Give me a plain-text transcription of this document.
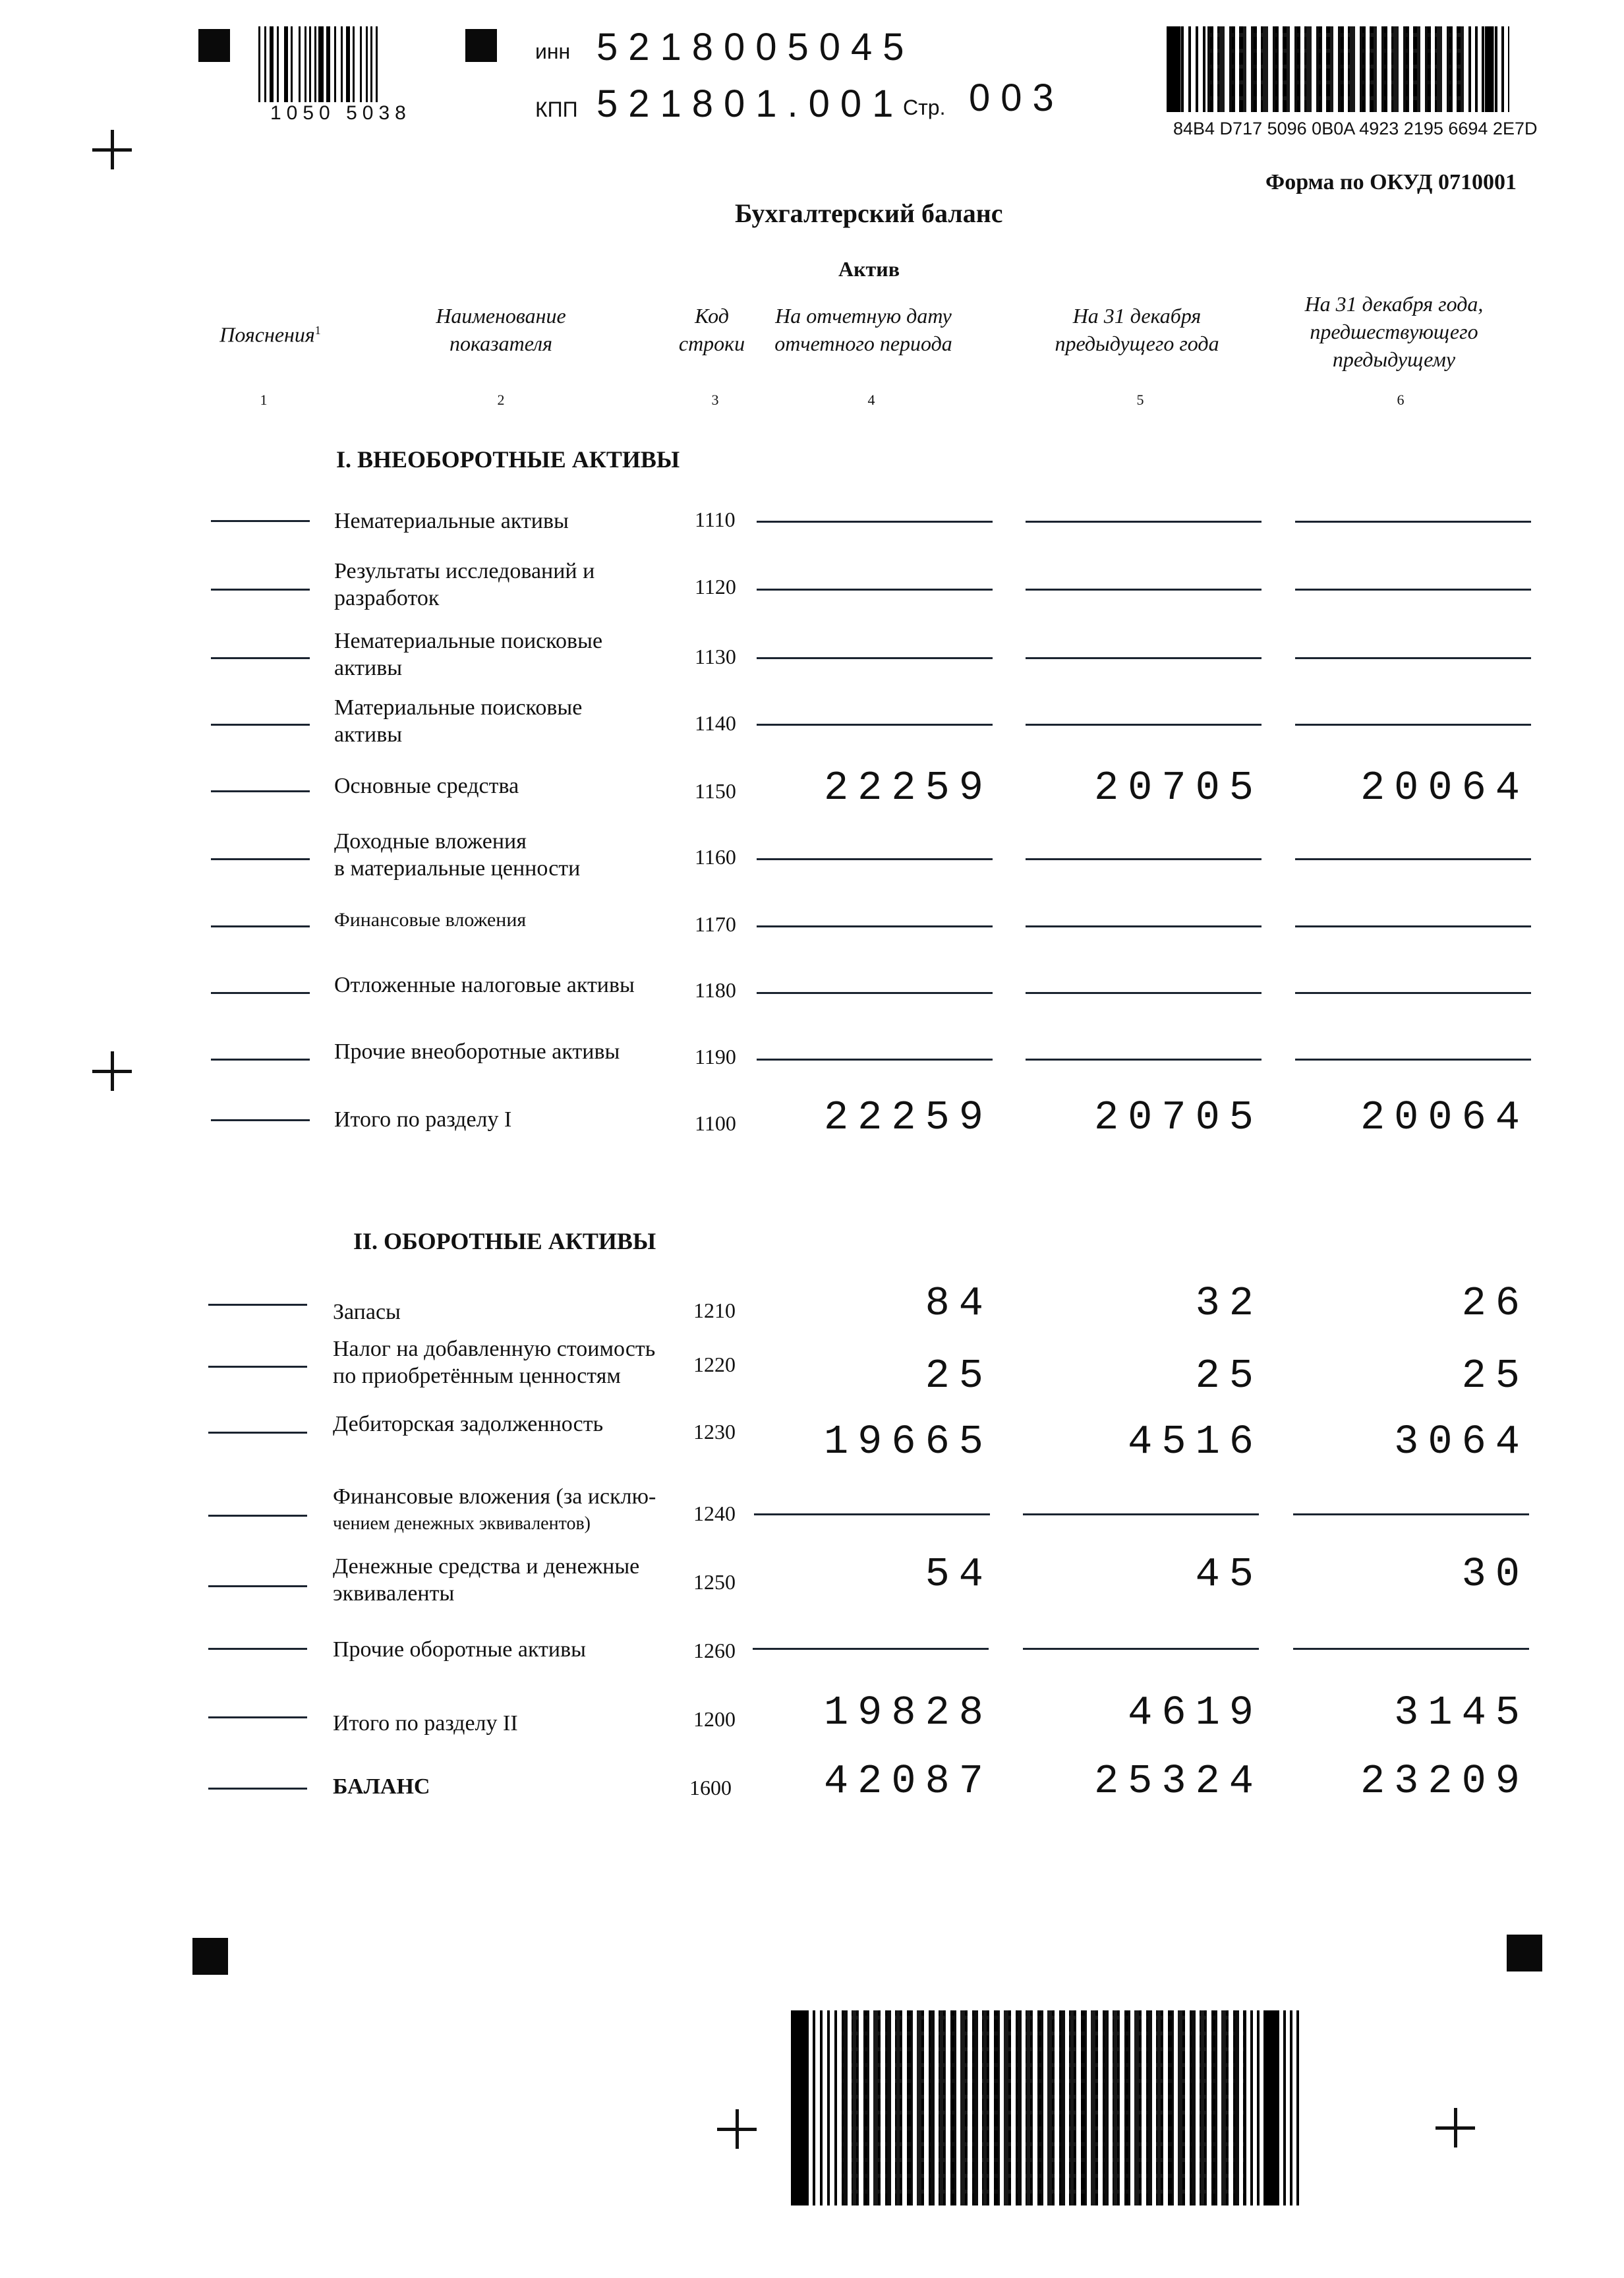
1050 5038
инн 5218005045
КПП 521801.001
Стр. 003
84B4 D717 5096 0B0A 4923 2195 6694 2E7D
Форма по ОКУД 0710001
Бухгалтерский баланс
Актив
Пояснения$^1$
Наименование
показателя
Код
строки
На отчетную дату
отчетного периода
На 31 декабря
предыдущего года
На 31 декабря года,
предшествующего
предыдущему
1	2	3	4	5	6
I. ВНЕОБОРОТНЫЕ АКТИВЫ
Нематериальные активы	1110
Результаты исследований и
разработок	1120
Нематериальные поисковые
активы	1130
Материальные поисковые
активы	1140
Основные средства	1150	22259	20705	20064
Доходные вложения
в материальные ценности	1160
Финансовые вложения	1170
Отложенные налоговые активы	1180
Прочие внеоборотные активы	1190
Итого по разделу I	1100	22259	20705	20064
II. ОБОРОТНЫЕ АКТИВЫ
Запасы	1210	84	32	26
Налог на добавленную стоимость
по приобретённым ценностям	1220	25	25	25
Дебиторская задолженность	1230	19665	4516	3064
Финансовые вложения (за исклю-
чением денежных эквивалентов)	1240
Денежные средства и денежные
эквиваленты	1250	54	45	30
Прочие оборотные активы	1260
Итого по разделу II	1200	19828	4619	3145
БАЛАНС	1600	42087	25324	23209
